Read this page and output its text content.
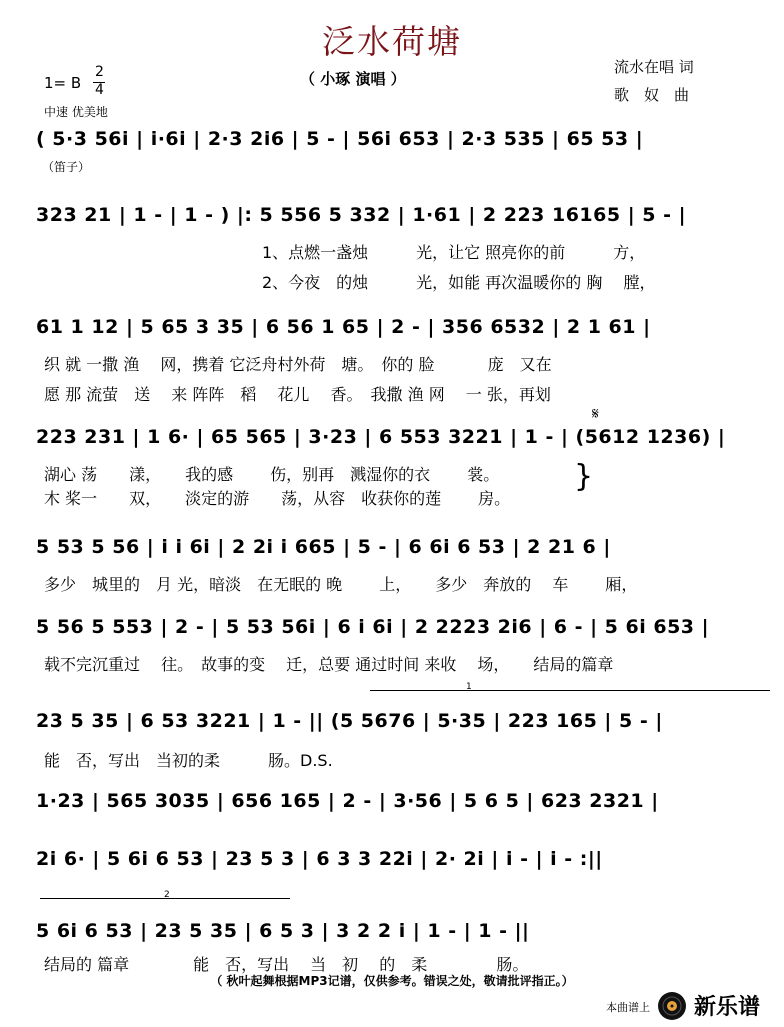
泛水荷塘
（ 小琢 演唱 ）
1= B
2
4
中速 优美地
流水在唱 词
歌　奴　曲
（笛子）
( 5·3 56i | i·6i | 2·3 2i6 | 5 - | 56i 653 | 2·3 535 | 65 53 |
323 21 | 1 - | 1 - ) |: 5 556 5 332 | 1·61 | 2 223 16165 | 5 - |
1、点燃一盏烛　　　光，让它 照亮你的前　　　方，
2、今夜　的烛　　　光，如能 再次温暖你的 胸　 膛，
61 1 12 | 5 65 3 35 | 6 56 1 65 | 2 - | 356 6532 | 2 1 61 |
织 就 一撒 渔　 网，携着 它泛舟村外荷　塘。　你的 脸　　　 庞　又在
愿 那 流萤　送　 来 阵阵　稻　 花儿　 香。　我撒 渔 网　 一 张，再划
𝄋
223 231 | 1 6· | 65 565 | 3·23 | 6 553 3221 | 1 - | (5612 1236) |
湖心 荡　　漾，　　我的感　　 伤，别再　溅湿你的衣　　 裳。
木 桨一　　双，　　淡定的游　　荡，从容　收获你的莲　　 房。
}
5 53 5 56 | i i 6i | 2 2i i 665 | 5 - | 6 6i 6 53 | 2 21 6 |
多少　城里的　月 光，暗淡　在无眠的 晚　　 上，　　多少　奔放的　 车　　 厢，
5 56 5 553 | 2 - | 5 53 56i | 6 i 6i | 2 2223 2i6 | 6 - | 5 6i 653 |
载不完沉重过　 往。　故事的变　 迁，总要 通过时间 来收　 场，　　结局的篇章
1
23 5 35 | 6 53 3221 | 1 - || (5 5676 | 5·35 | 223 165 | 5 - |
能　否，写出　当初的柔　　　肠。D.S.
1·23 | 565 3035 | 656 165 | 2 - | 3·56 | 5 6 5 | 623 2321 |
2i 6· | 5 6i 6 53 | 23 5 3 | 6 3 3 22i | 2· 2i | i - | i - :||
2
5 6i 6 53 | 23 5 35 | 6 5 3 | 3 2 2 i | 1 - | 1 - ||
结局的 篇章　　　　能　否，写出　 当　初　 的　柔　　　　 肠。
（ 秋叶起舞根据MP3记谱，仅供参考。错误之处，敬请批评指正。）
本曲谱上 新乐谱
